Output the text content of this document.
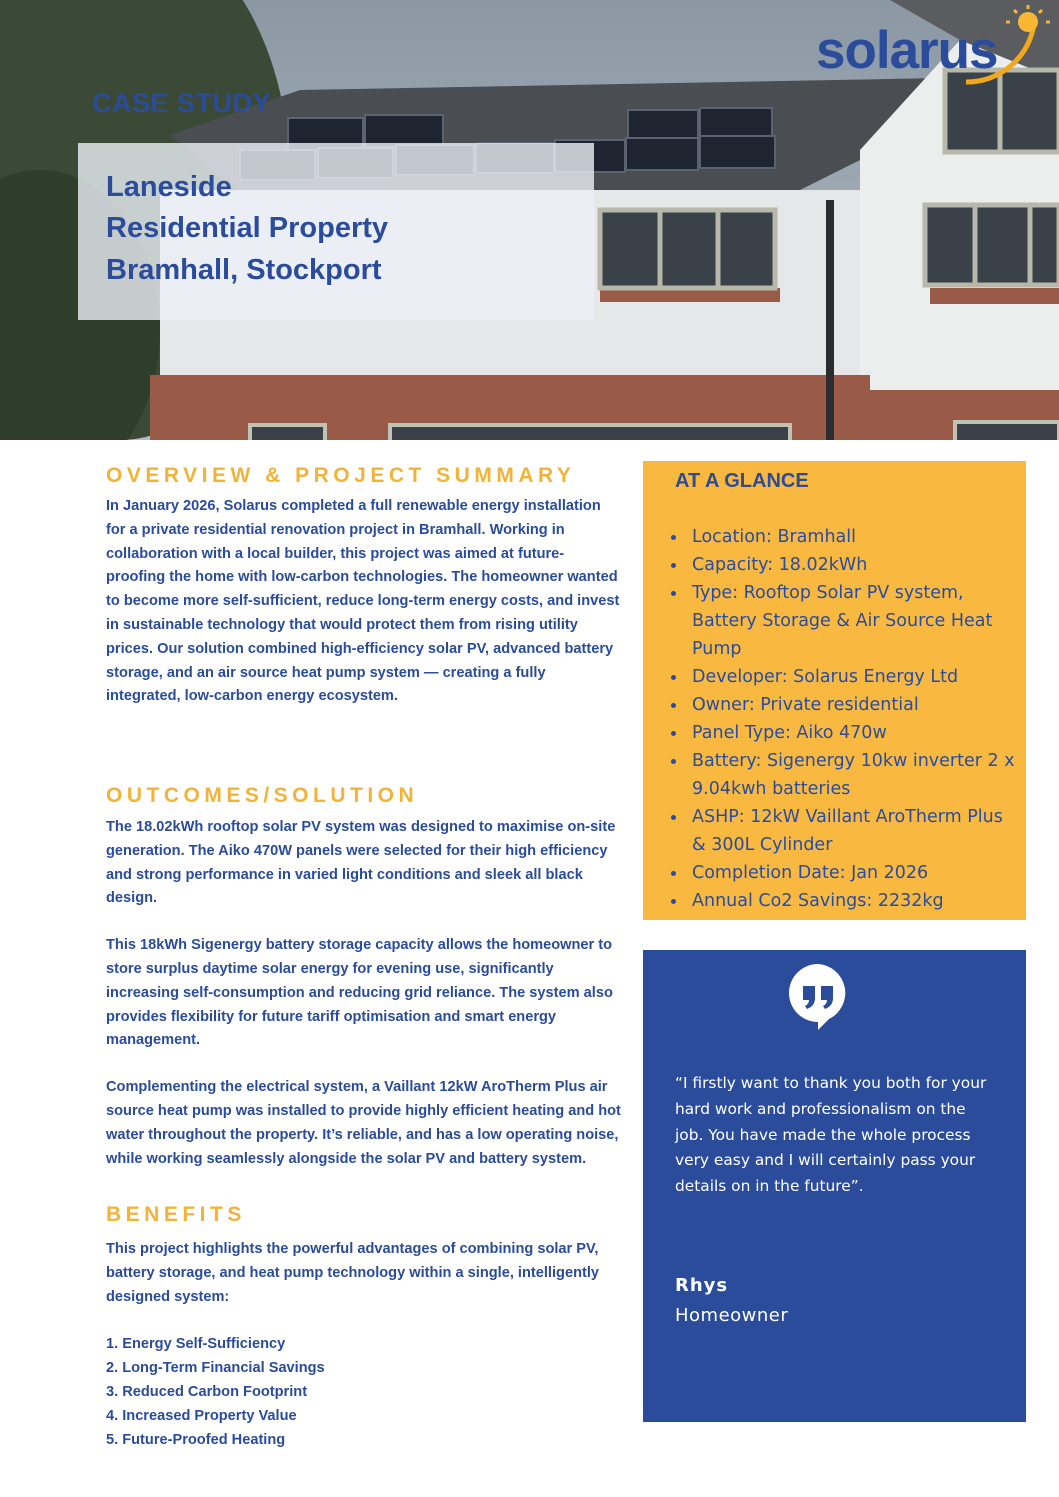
CASE STUDY
Laneside
Residential Property
Bramhall, Stockport
solarus
OVERVIEW & PROJECT SUMMARY

In January 2026, Solarus completed a full renewable energy installation for a private residential renovation project in Bramhall. Working in collaboration with a local builder, this project was aimed at future-proofing the home with low-carbon technologies. The homeowner wanted to become more self-sufficient, reduce long-term energy costs, and invest in sustainable technology that would protect them from rising utility prices. Our solution combined high-efficiency solar PV, advanced battery storage, and an air source heat pump system — creating a fully integrated, low-carbon energy ecosystem.

OUTCOMES/SOLUTION

The 18.02kWh rooftop solar PV system was designed to maximise on-site generation. The Aiko 470W panels were selected for their high efficiency and strong performance in varied light conditions and sleek all black design.

This 18kWh Sigenergy battery storage capacity allows the homeowner to store surplus daytime solar energy for evening use, significantly increasing self-consumption and reducing grid reliance. The system also provides flexibility for future tariff optimisation and smart energy management.

Complementing the electrical system, a Vaillant 12kW AroTherm Plus air source heat pump was installed to provide highly efficient heating and hot water throughout the property. It’s reliable, and has a low operating noise, while working seamlessly alongside the solar PV and battery system.

BENEFITS

This project highlights the powerful advantages of combining solar PV, battery storage, and heat pump technology within a single, intelligently designed system:

1. Energy Self-Sufficiency
2. Long-Term Financial Savings
3. Reduced Carbon Footprint
4. Increased Property Value
5. Future-Proofed Heating
AT A GLANCE
Location: Bramhall
Capacity: 18.02kWh
Type: Rooftop Solar PV system, Battery Storage & Air Source Heat Pump
Developer: Solarus Energy Ltd
Owner: Private residential
Panel Type: Aiko 470w
Battery: Sigenergy 10kw inverter 2 x 9.04kwh batteries
ASHP: 12kW Vaillant AroTherm Plus & 300L Cylinder
Completion Date: Jan 2026
Annual Co2 Savings: 2232kg

“I firstly want to thank you both for your hard work and professionalism on the job. You have made the whole process very easy and I will certainly pass your details on in the future”.

Rhys
Homeowner
